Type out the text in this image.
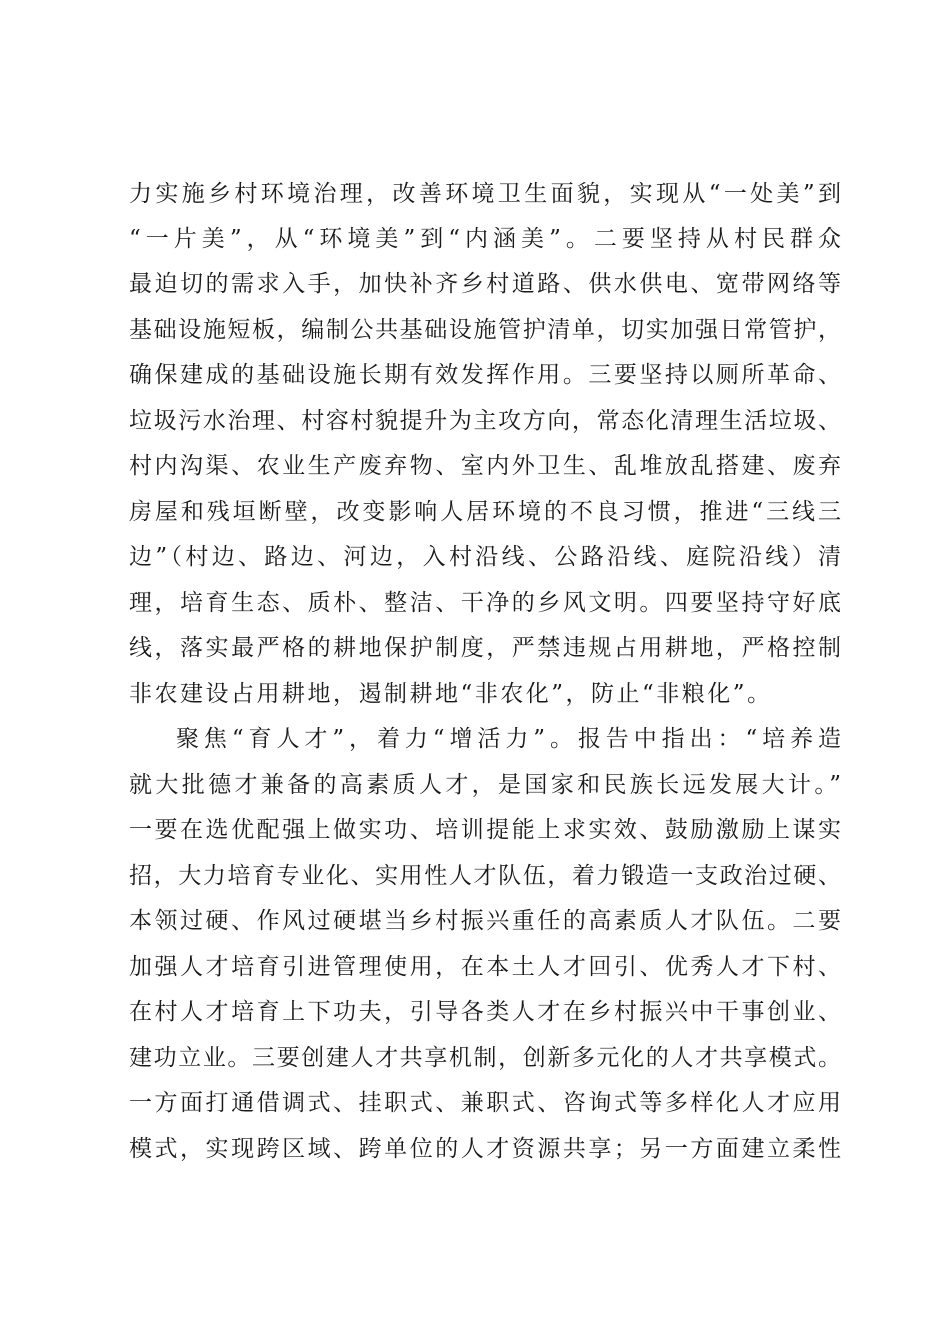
力实施乡村环境治理，改善环境卫生面貌，实现从“一处美”到
“一片美”，从“环境美”到“内涵美”。二要坚持从村民群众
最迫切的需求入手，加快补齐乡村道路、供水供电、宽带网络等
基础设施短板，编制公共基础设施管护清单，切实加强日常管护，
确保建成的基础设施长期有效发挥作用。三要坚持以厕所革命、
垃圾污水治理、村容村貌提升为主攻方向，常态化清理生活垃圾、
村内沟渠、农业生产废弃物、室内外卫生、乱堆放乱搭建、废弃
房屋和残垣断壁，改变影响人居环境的不良习惯，推进“三线三
边”（村边、路边、河边，入村沿线、公路沿线、庭院沿线）清
理，培育生态、质朴、整洁、干净的乡风文明。四要坚持守好底
线，落实最严格的耕地保护制度，严禁违规占用耕地，严格控制
非农建设占用耕地，遏制耕地“非农化”，防止“非粮化”。
聚焦“育人才”，着力“增活力”。报告中指出：“培养造
就大批德才兼备的高素质人才，是国家和民族长远发展大计。”
一要在选优配强上做实功、培训提能上求实效、鼓励激励上谋实
招，大力培育专业化、实用性人才队伍，着力锻造一支政治过硬、
本领过硬、作风过硬堪当乡村振兴重任的高素质人才队伍。二要
加强人才培育引进管理使用，在本土人才回引、优秀人才下村、
在村人才培育上下功夫，引导各类人才在乡村振兴中干事创业、
建功立业。三要创建人才共享机制，创新多元化的人才共享模式。
一方面打通借调式、挂职式、兼职式、咨询式等多样化人才应用
模式，实现跨区域、跨单位的人才资源共享；另一方面建立柔性
